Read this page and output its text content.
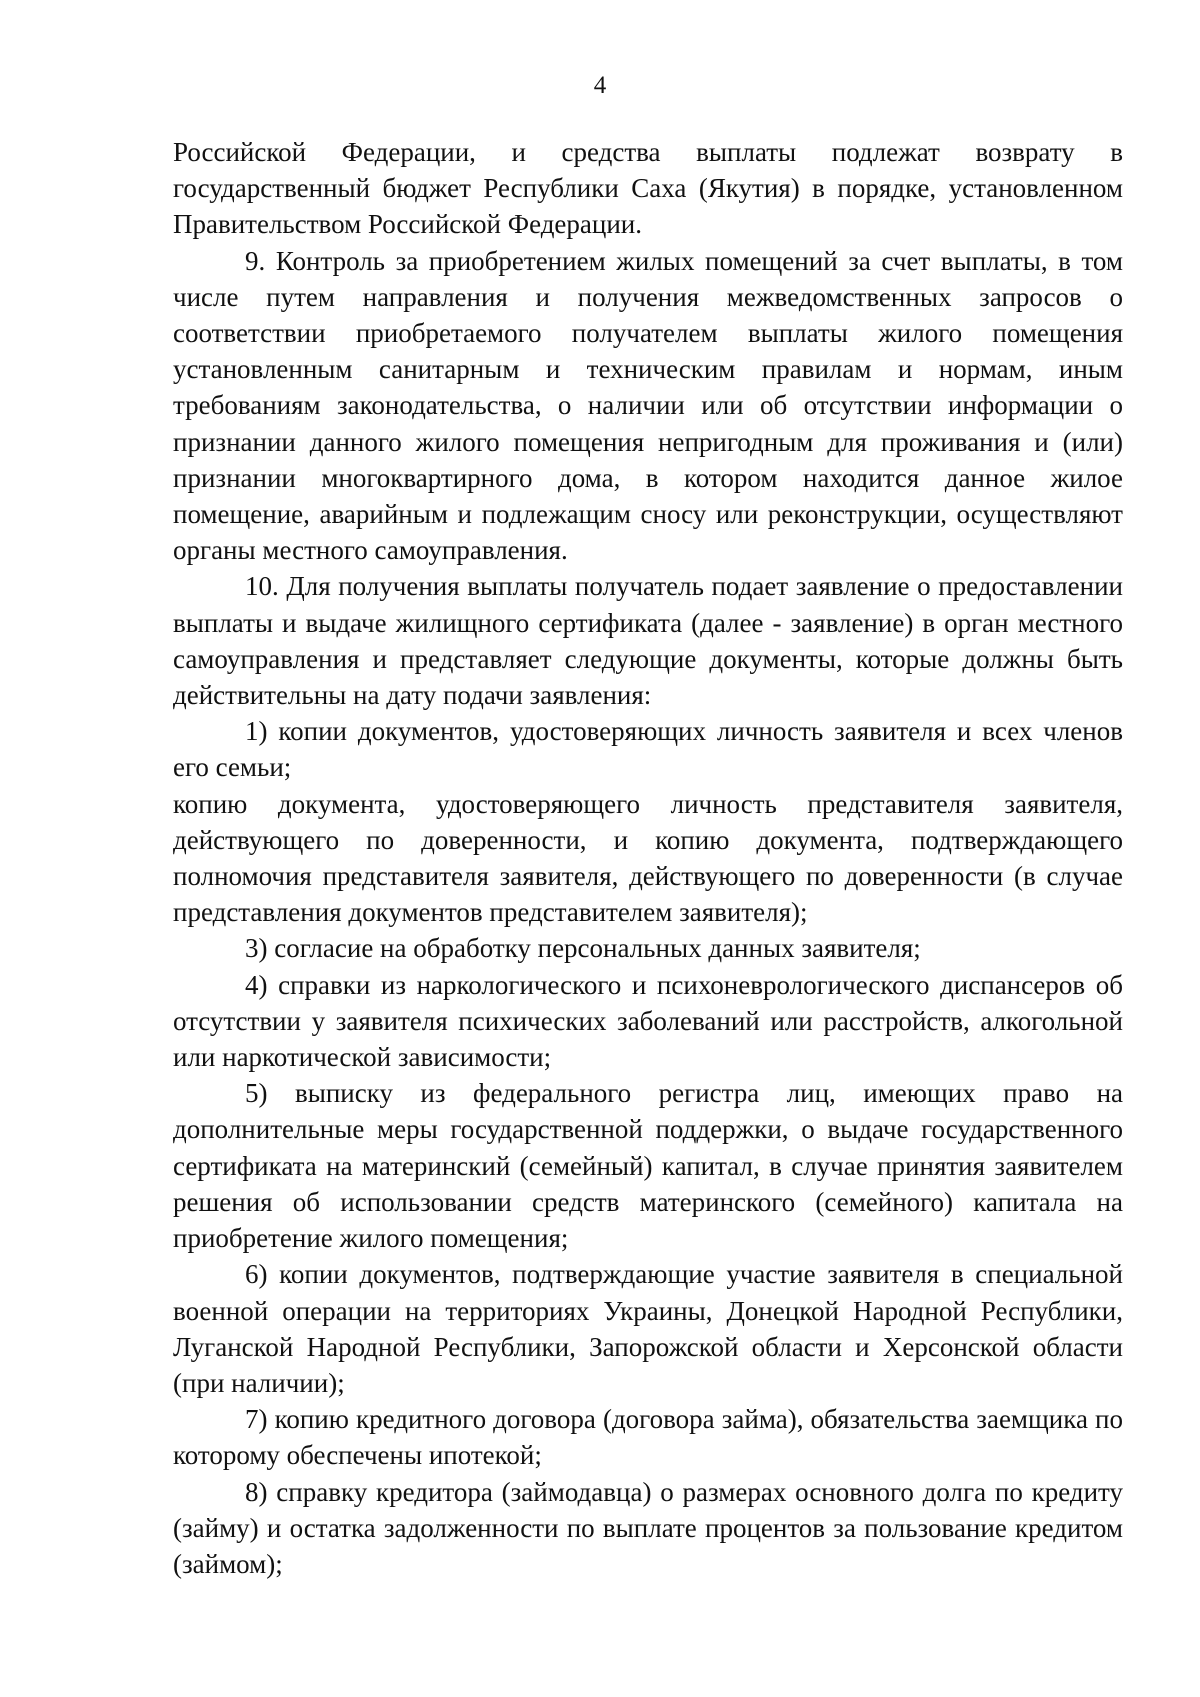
4

Российской Федерации, и средства выплаты подлежат возврату в государственный бюджет Республики Саха (Якутия) в порядке, установленном Правительством Российской Федерации.

9. Контроль за приобретением жилых помещений за счет выплаты, в том числе путем направления и получения межведомственных запросов о соответствии приобретаемого получателем выплаты жилого помещения установленным санитарным и техническим правилам и нормам, иным требованиям законодательства, о наличии или об отсутствии информации о признании данного жилого помещения непригодным для проживания и (или) признании многоквартирного дома, в котором находится данное жилое помещение, аварийным и подлежащим сносу или реконструкции, осуществляют органы местного самоуправления.

10. Для получения выплаты получатель подает заявление о предоставлении выплаты и выдаче жилищного сертификата (далее - заявление) в орган местного самоуправления и представляет следующие документы, которые должны быть действительны на дату подачи заявления:

1) копии документов, удостоверяющих личность заявителя и всех членов его семьи;

копию документа, удостоверяющего личность представителя заявителя, действующего по доверенности, и копию документа, подтверждающего полномочия представителя заявителя, действующего по доверенности (в случае представления документов представителем заявителя);

3) согласие на обработку персональных данных заявителя;

4) справки из наркологического и психоневрологического диспансеров об отсутствии у заявителя психических заболеваний или расстройств, алкогольной или наркотической зависимости;

5) выписку из федерального регистра лиц, имеющих право на дополнительные меры государственной поддержки, о выдаче государственного сертификата на материнский (семейный) капитал, в случае принятия заявителем решения об использовании средств материнского (семейного) капитала на приобретение жилого помещения;

6) копии документов, подтверждающие участие заявителя в специальной военной операции на территориях Украины, Донецкой Народной Республики, Луганской Народной Республики, Запорожской области и Херсонской области (при наличии);

7) копию кредитного договора (договора займа), обязательства заемщика по которому обеспечены ипотекой;

8) справку кредитора (займодавца) о размерах основного долга по кредиту (займу) и остатка задолженности по выплате процентов за пользование кредитом (займом);
